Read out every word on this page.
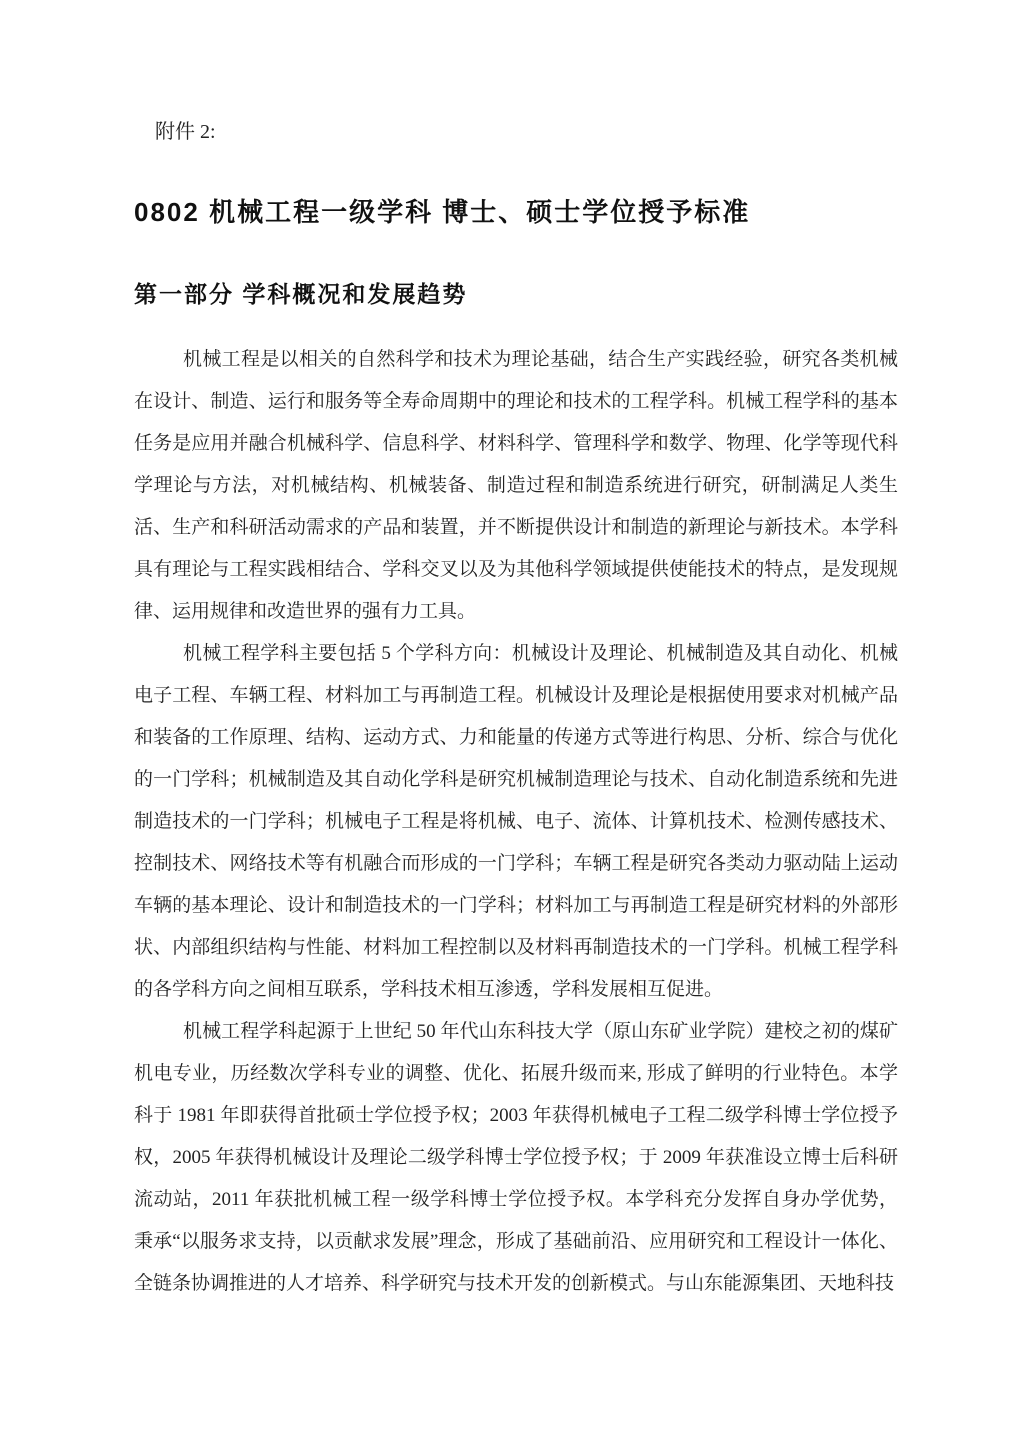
附件 2:
0802 机械工程一级学科 博士、硕士学位授予标准
第一部分 学科概况和发展趋势

机械工程是以相关的自然科学和技术为理论基础，结合生产实践经验，研究各类机械在设计、制造、运行和服务等全寿命周期中的理论和技术的工程学科。机械工程学科的基本任务是应用并融合机械科学、信息科学、材料科学、管理科学和数学、物理、化学等现代科学理论与方法，对机械结构、机械装备、制造过程和制造系统进行研究，研制满足人类生活、生产和科研活动需求的产品和装置，并不断提供设计和制造的新理论与新技术。本学科具有理论与工程实践相结合、学科交叉以及为其他科学领域提供使能技术的特点，是发现规律、运用规律和改造世界的强有力工具。

机械工程学科主要包括 5 个学科方向：机械设计及理论、机械制造及其自动化、机械电子工程、车辆工程、材料加工与再制造工程。机械设计及理论是根据使用要求对机械产品和装备的工作原理、结构、运动方式、力和能量的传递方式等进行构思、分析、综合与优化的一门学科；机械制造及其自动化学科是研究机械制造理论与技术、自动化制造系统和先进制造技术的一门学科；机械电子工程是将机械、电子、流体、计算机技术、检测传感技术、控制技术、网络技术等有机融合而形成的一门学科；车辆工程是研究各类动力驱动陆上运动车辆的基本理论、设计和制造技术的一门学科；材料加工与再制造工程是研究材料的外部形状、内部组织结构与性能、材料加工程控制以及材料再制造技术的一门学科。机械工程学科的各学科方向之间相互联系，学科技术相互渗透，学科发展相互促进。

机械工程学科起源于上世纪 50 年代山东科技大学（原山东矿业学院）建校之初的煤矿机电专业，历经数次学科专业的调整、优化、拓展升级而来, 形成了鲜明的行业特色。本学科于 1981 年即获得首批硕士学位授予权；2003 年获得机械电子工程二级学科博士学位授予权，2005 年获得机械设计及理论二级学科博士学位授予权；于 2009 年获准设立博士后科研流动站，2011 年获批机械工程一级学科博士学位授予权。本学科充分发挥自身办学优势，秉承“以服务求支持，以贡献求发展”理念，形成了基础前沿、应用研究和工程设计一体化、全链条协调推进的人才培养、科学研究与技术开发的创新模式。与山东能源集团、天地科技
